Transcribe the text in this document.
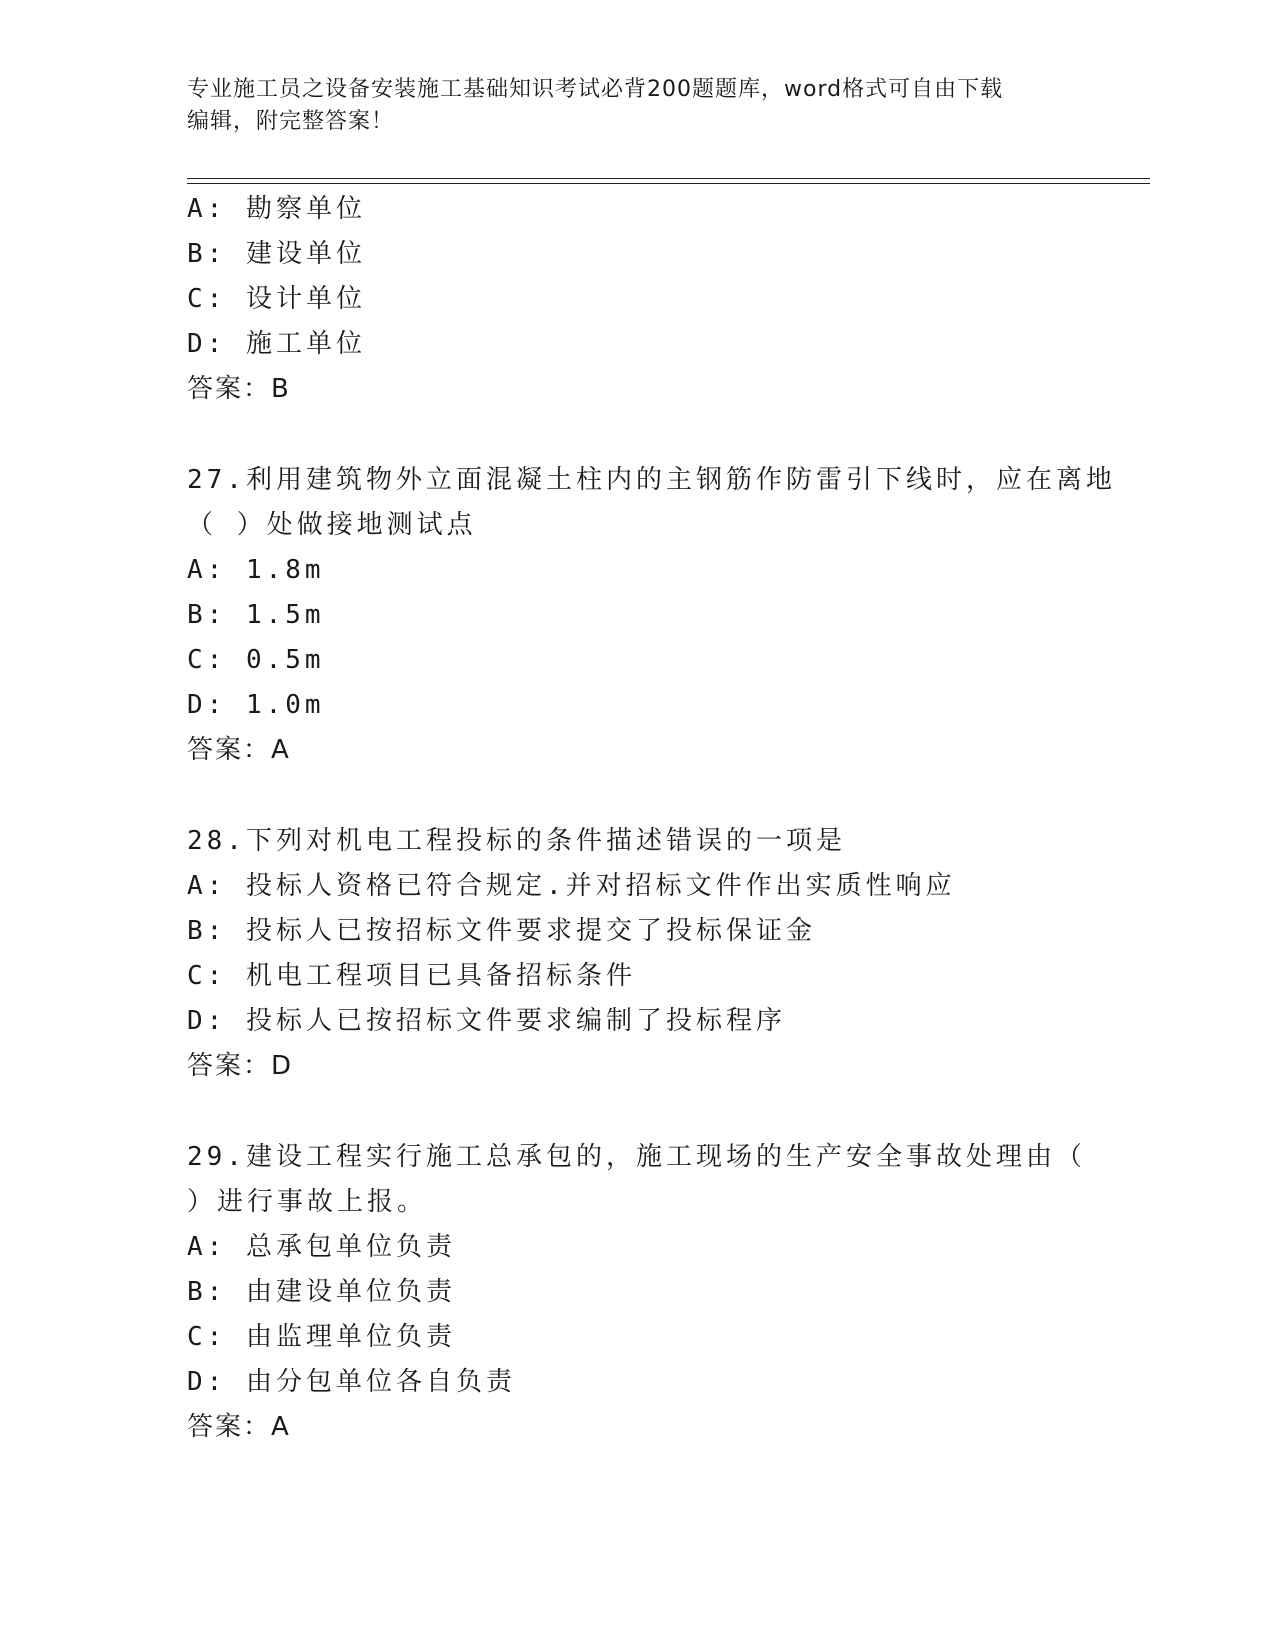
专业施工员之设备安装施工基础知识考试必背200题题库，word格式可自由下载
编辑，附完整答案！
A: 勘察单位
B: 建设单位
C: 设计单位
D: 施工单位
答案：B
27.利用建筑物外立面混凝土柱内的主钢筋作防雷引下线时，应在离地
（ ）处做接地测试点
A: 1.8m
B: 1.5m
C: 0.5m
D: 1.0m
答案：A
28.下列对机电工程投标的条件描述错误的一项是
A: 投标人资格已符合规定.并对招标文件作出实质性响应
B: 投标人已按招标文件要求提交了投标保证金
C: 机电工程项目已具备招标条件
D: 投标人已按招标文件要求编制了投标程序
答案：D
29.建设工程实行施工总承包的，施工现场的生产安全事故处理由（
）进行事故上报。
A: 总承包单位负责
B: 由建设单位负责
C: 由监理单位负责
D: 由分包单位各自负责
答案：A
